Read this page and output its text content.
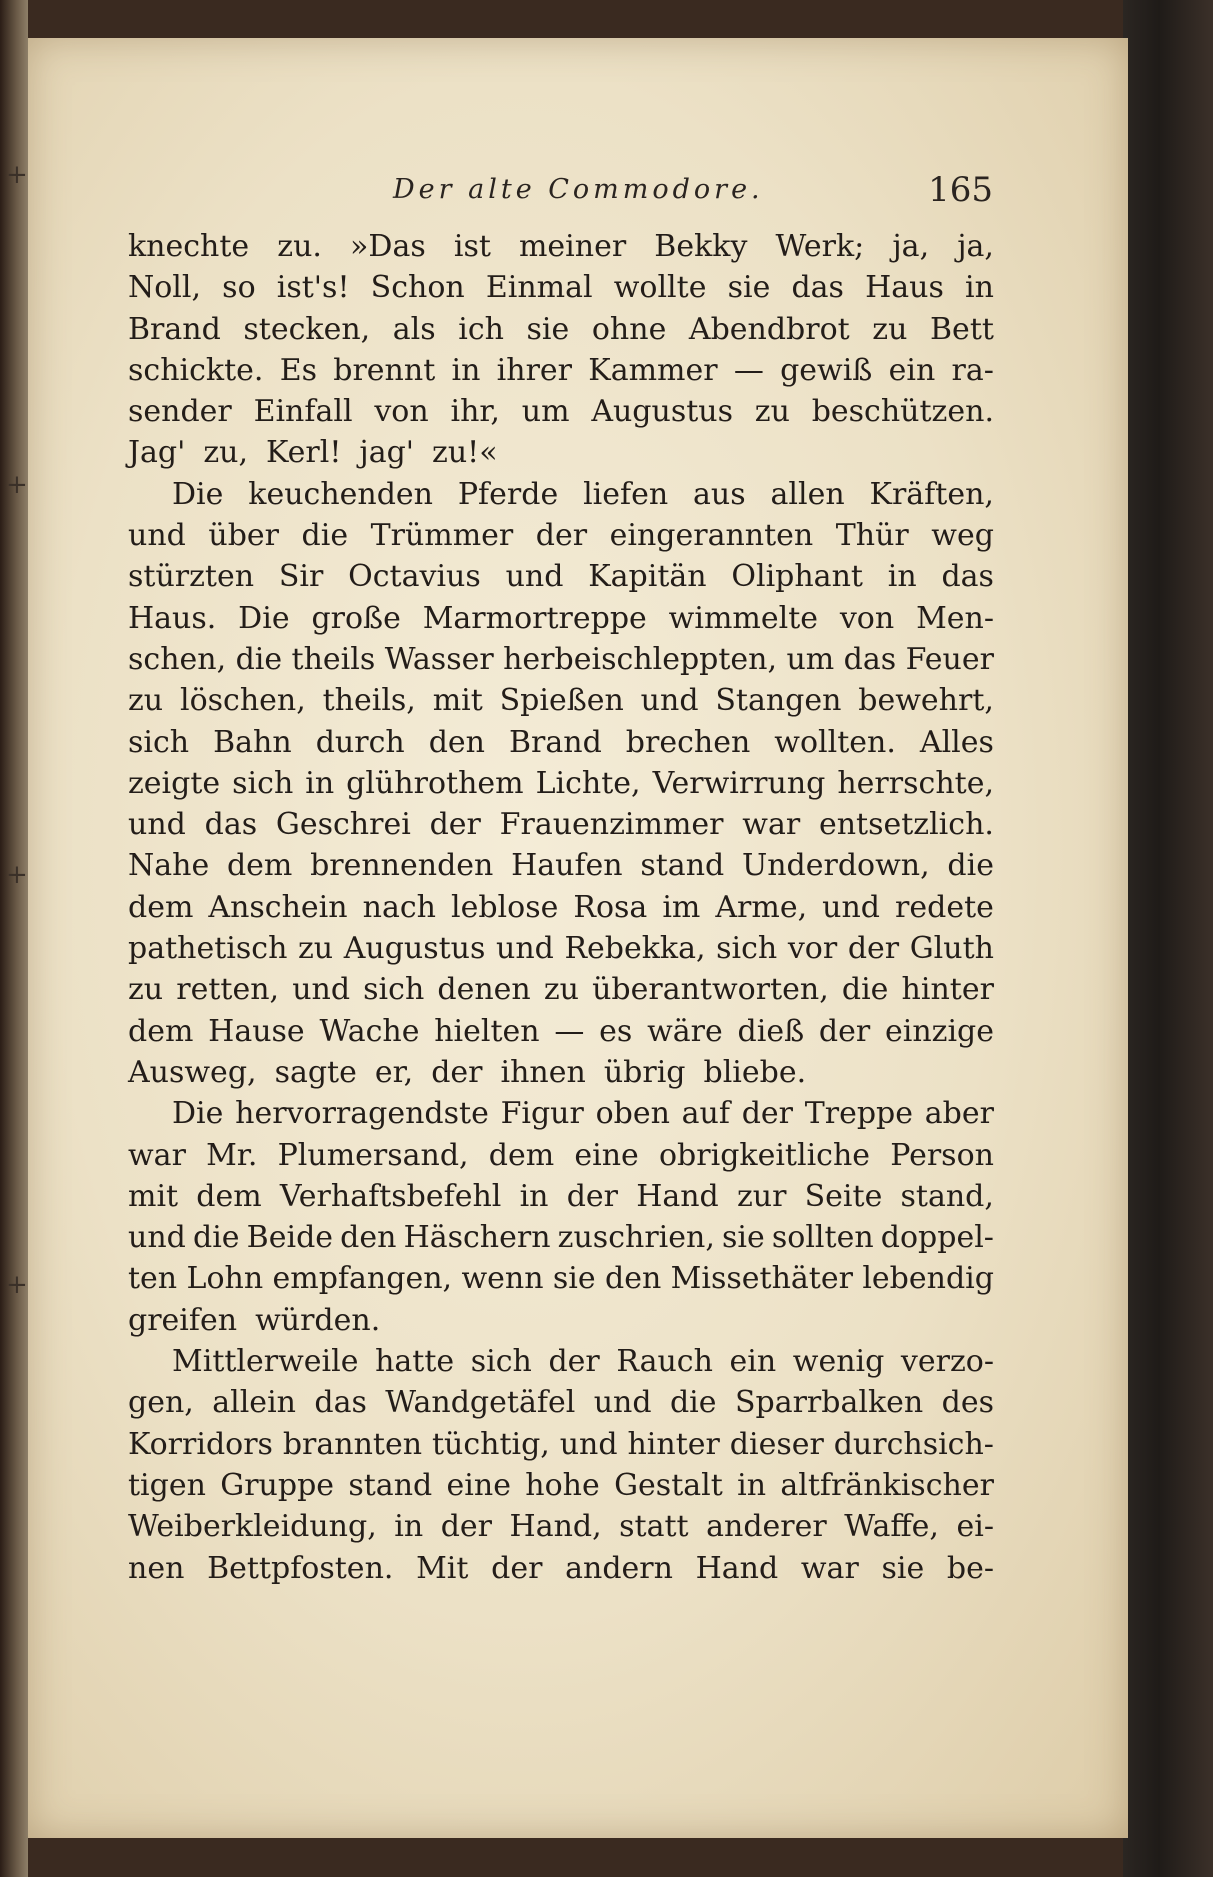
Der alte Commodore.	165
knechte zu. »Das ist meiner Bekky Werk; ja, ja,
Noll, so ist's! Schon Einmal wollte sie das Haus in
Brand stecken, als ich sie ohne Abendbrot zu Bett
schickte. Es brennt in ihrer Kammer — gewiß ein ra-
sender Einfall von ihr, um Augustus zu beschützen.
Jag' zu, Kerl! jag' zu!«
Die keuchenden Pferde liefen aus allen Kräften,
und über die Trümmer der eingerannten Thür weg
stürzten Sir Octavius und Kapitän Oliphant in das
Haus. Die große Marmortreppe wimmelte von Men-
schen, die theils Wasser herbeischleppten, um das Feuer
zu löschen, theils, mit Spießen und Stangen bewehrt,
sich Bahn durch den Brand brechen wollten. Alles
zeigte sich in glührothem Lichte, Verwirrung herrschte,
und das Geschrei der Frauenzimmer war entsetzlich.
Nahe dem brennenden Haufen stand Underdown, die
dem Anschein nach leblose Rosa im Arme, und redete
pathetisch zu Augustus und Rebekka, sich vor der Gluth
zu retten, und sich denen zu überantworten, die hinter
dem Hause Wache hielten — es wäre dieß der einzige
Ausweg, sagte er, der ihnen übrig bliebe.
Die hervorragendste Figur oben auf der Treppe aber
war Mr. Plumersand, dem eine obrigkeitliche Person
mit dem Verhaftsbefehl in der Hand zur Seite stand,
und die Beide den Häschern zuschrien, sie sollten doppel-
ten Lohn empfangen, wenn sie den Missethäter lebendig
greifen würden.
Mittlerweile hatte sich der Rauch ein wenig verzo-
gen, allein das Wandgetäfel und die Sparrbalken des
Korridors brannten tüchtig, und hinter dieser durchsich-
tigen Gruppe stand eine hohe Gestalt in altfränkischer
Weiberkleidung, in der Hand, statt anderer Waffe, ei-
nen Bettpfosten. Mit der andern Hand war sie be-
+
+
+
+
